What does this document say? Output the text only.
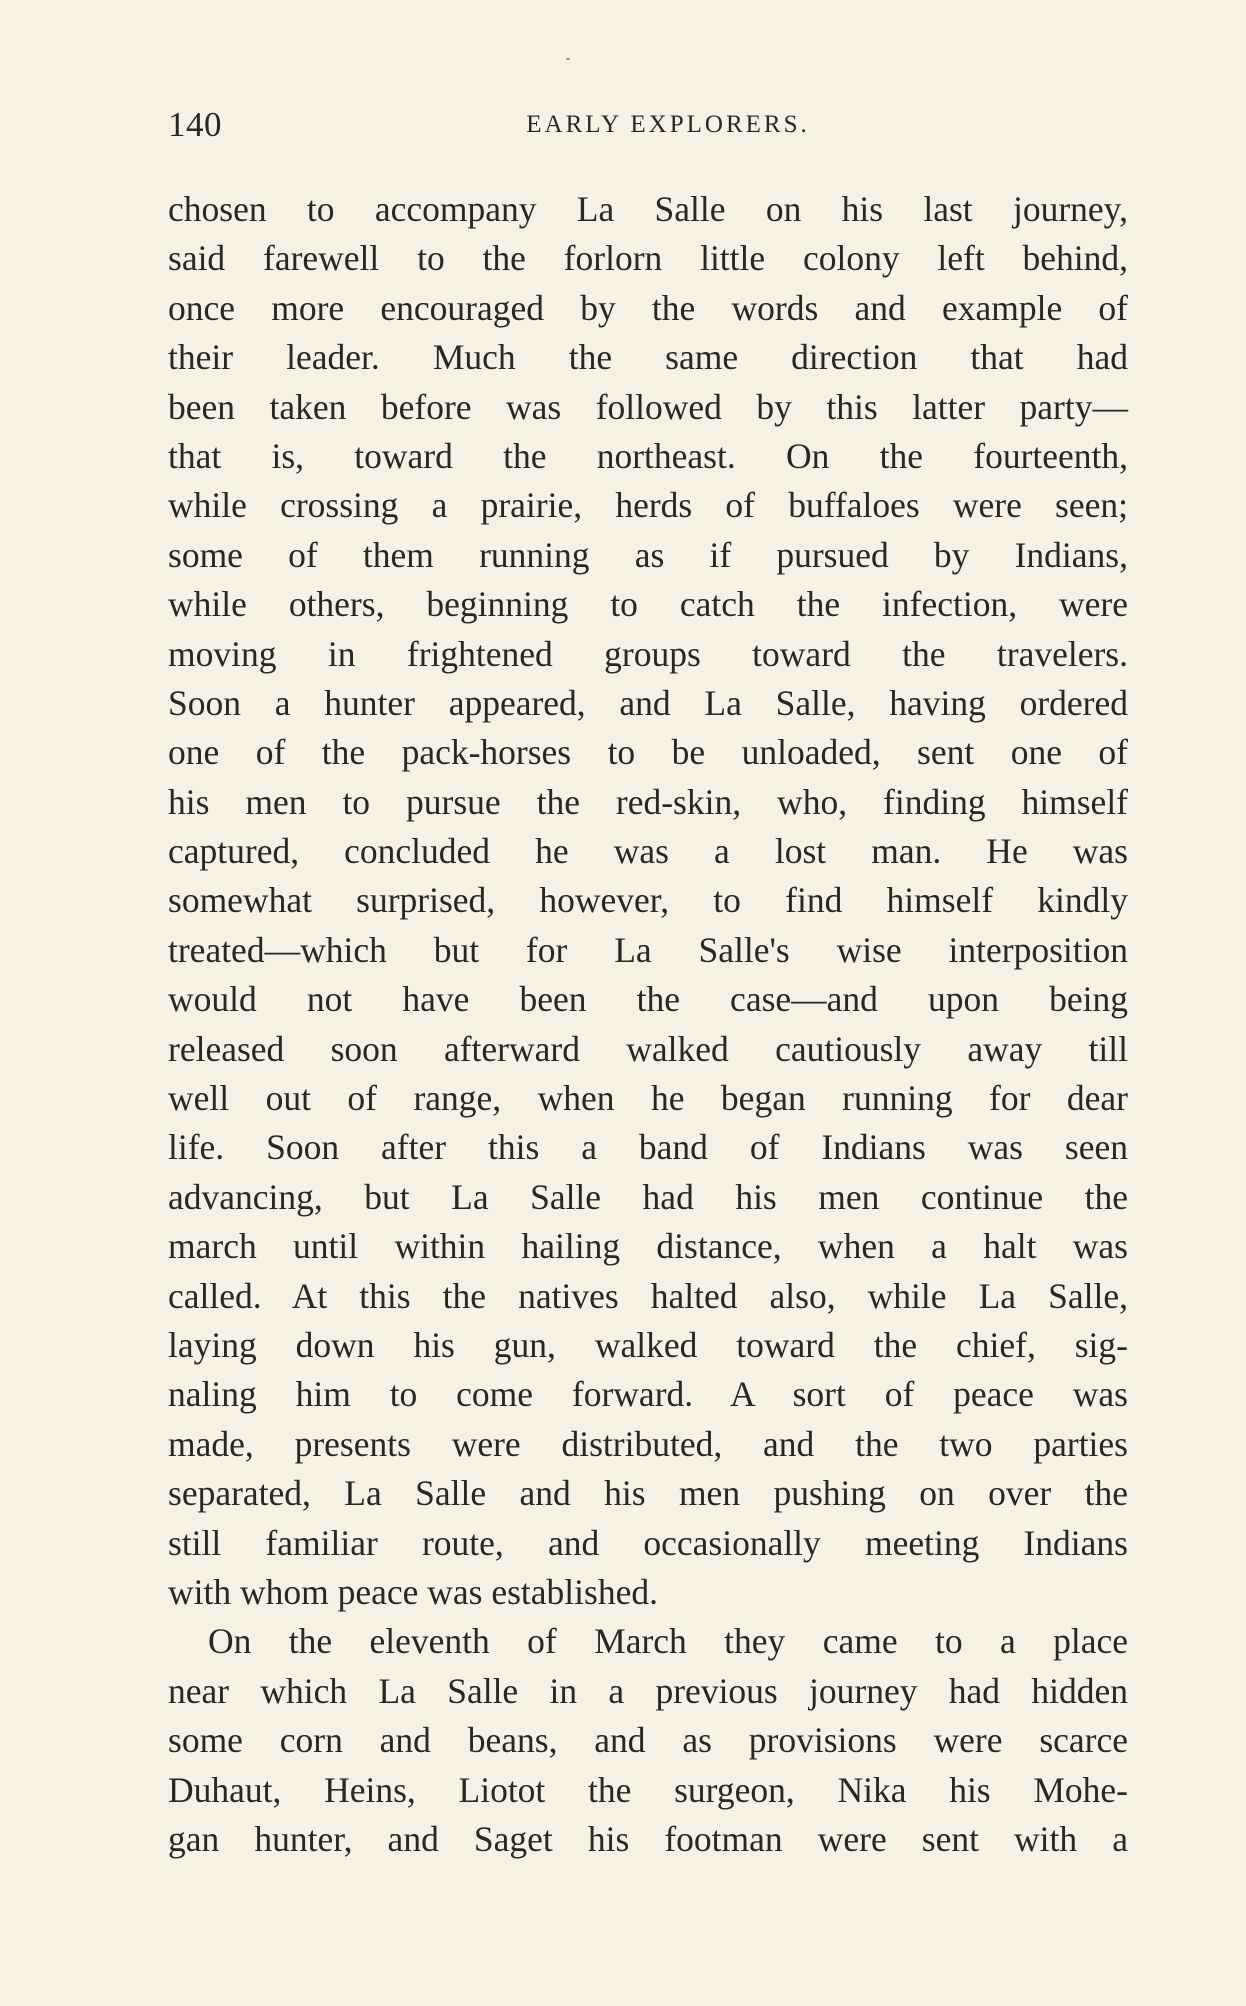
140	EARLY EXPLORERS.
chosen to accompany La Salle on his last journey,
said farewell to the forlorn little colony left behind,
once more encouraged by the words and example of
their leader. Much the same direction that had
been taken before was followed by this latter party—
that is, toward the northeast. On the fourteenth,
while crossing a prairie, herds of buffaloes were seen;
some of them running as if pursued by Indians,
while others, beginning to catch the infection, were
moving in frightened groups toward the travelers.
Soon a hunter appeared, and La Salle, having ordered
one of the pack-horses to be unloaded, sent one of
his men to pursue the red-skin, who, finding himself
captured, concluded he was a lost man. He was
somewhat surprised, however, to find himself kindly
treated—which but for La Salle's wise interposition
would not have been the case—and upon being
released soon afterward walked cautiously away till
well out of range, when he began running for dear
life. Soon after this a band of Indians was seen
advancing, but La Salle had his men continue the
march until within hailing distance, when a halt was
called. At this the natives halted also, while La Salle,
laying down his gun, walked toward the chief, sig-
naling him to come forward. A sort of peace was
made, presents were distributed, and the two parties
separated, La Salle and his men pushing on over the
still familiar route, and occasionally meeting Indians
with whom peace was established.
On the eleventh of March they came to a place
near which La Salle in a previous journey had hidden
some corn and beans, and as provisions were scarce
Duhaut, Heins, Liotot the surgeon, Nika his Mohe-
gan hunter, and Saget his footman were sent with a
